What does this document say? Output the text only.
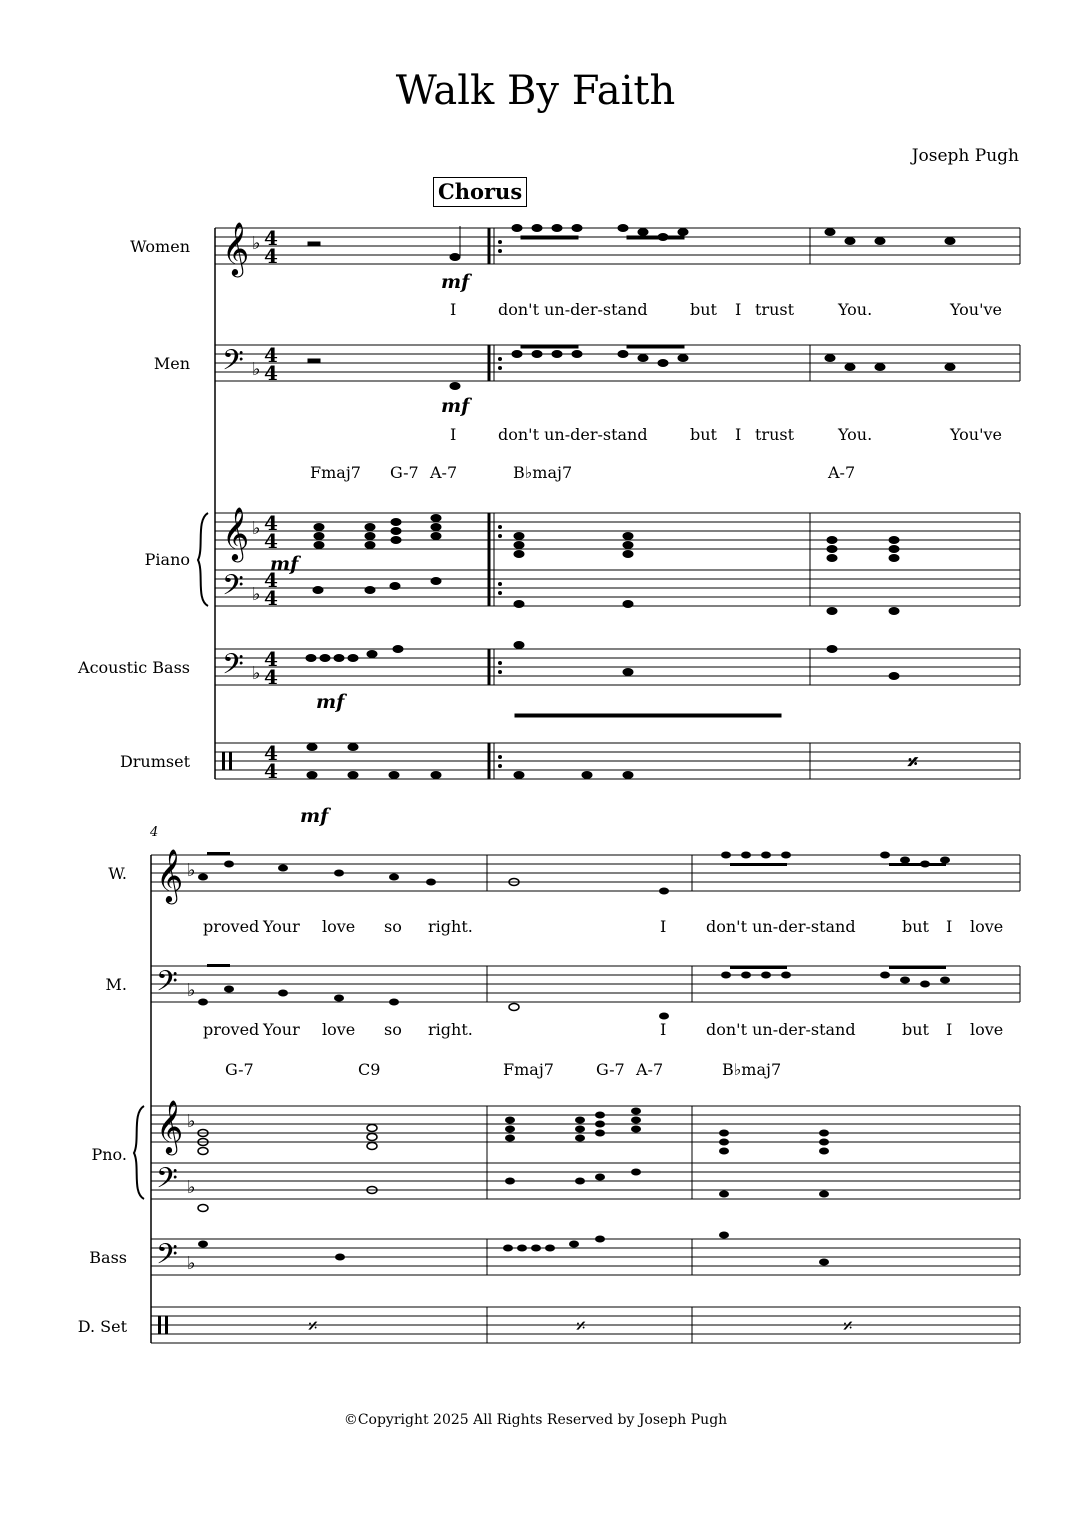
Walk By Faith
Joseph Pugh
Chorus
Women
Men
Piano
Acoustic Bass
Drumset
W.
M.
Pno.
Bass
D. Set
Fmaj7 G-7 A-7	B♭maj7	A-7
I	don't un-der-stand	but I trust	You.	You've
I	don't un-der-stand	but I trust	You.	You've
4
G-7	C9	Fmaj7	G-7 A-7	B♭maj7
proved Your love so right.	I don't un-der-stand	but I love
proved Your love so right.	I don't un-der-stand	but I love
©Copyright 2025 All Rights Reserved by Joseph Pugh
𝄞
𝄞
𝄢
𝄢
𝄢
♭
♭
♭
♭
♭
4
4
4
4
4
4
4
4
4
4
4
4
mf
mf
mf
mf
mf
𝄎
𝄞
𝄞
𝄢
𝄢
𝄢
♭
♭
♭
♭
♭
𝄎	𝄎	𝄎
